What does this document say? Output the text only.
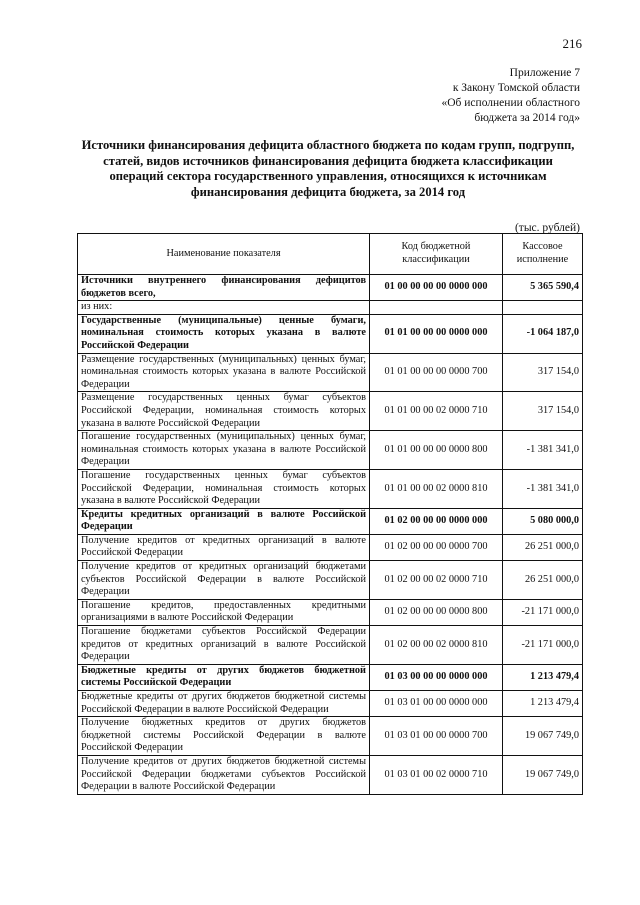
216
Приложение 7
к Закону Томской области
«Об исполнении областного
бюджета за 2014 год»
Источники финансирования дефицита областного бюджета по кодам групп, подгрупп, статей, видов источников финансирования дефицита бюджета классификации операций сектора государственного управления, относящихся к источникам финансирования дефицита бюджета, за 2014 год
(тыс. рублей)
Наименование показателя	Код бюджетной классификации	Кассовое исполнение
Источники внутреннего финансирования дефицитов бюджетов всего,	01 00 00 00 00 0000 000	5 365 590,4
из них:		
Государственные (муниципальные) ценные бумаги, номинальная стоимость которых указана в валюте Российской Федерации	01 01 00 00 00 0000 000	-1 064 187,0
Размещение государственных (муниципальных) ценных бумаг, номинальная стоимость которых указана в валюте Российской Федерации	01 01 00 00 00 0000 700	317 154,0
Размещение государственных ценных бумаг субъектов Российской Федерации, номинальная стоимость которых указана в валюте Российской Федерации	01 01 00 00 02 0000 710	317 154,0
Погашение государственных (муниципальных) ценных бумаг, номинальная стоимость которых указана в валюте Российской Федерации	01 01 00 00 00 0000 800	-1 381 341,0
Погашение государственных ценных бумаг субъектов Российской Федерации, номинальная стоимость которых указана в валюте Российской Федерации	01 01 00 00 02 0000 810	-1 381 341,0
Кредиты кредитных организаций в валюте Российской Федерации	01 02 00 00 00 0000 000	5 080 000,0
Получение кредитов от кредитных организаций в валюте Российской Федерации	01 02 00 00 00 0000 700	26 251 000,0
Получение кредитов от кредитных организаций бюджетами субъектов Российской Федерации в валюте Российской Федерации	01 02 00 00 02 0000 710	26 251 000,0
Погашение кредитов, предоставленных кредитными организациями в валюте Российской Федерации	01 02 00 00 00 0000 800	-21 171 000,0
Погашение бюджетами субъектов Российской Федерации кредитов от кредитных организаций в валюте Российской Федерации	01 02 00 00 02 0000 810	-21 171 000,0
Бюджетные кредиты от других бюджетов бюджетной системы Российской Федерации	01 03 00 00 00 0000 000	1 213 479,4
Бюджетные кредиты от других бюджетов бюджетной системы Российской Федерации в валюте Российской Федерации	01 03 01 00 00 0000 000	1 213 479,4
Получение бюджетных кредитов от других бюджетов бюджетной системы Российской Федерации в валюте Российской Федерации	01 03 01 00 00 0000 700	19 067 749,0
Получение кредитов от других бюджетов бюджетной системы Российской Федерации бюджетами субъектов Российской Федерации в валюте Российской Федерации	01 03 01 00 02 0000 710	19 067 749,0
